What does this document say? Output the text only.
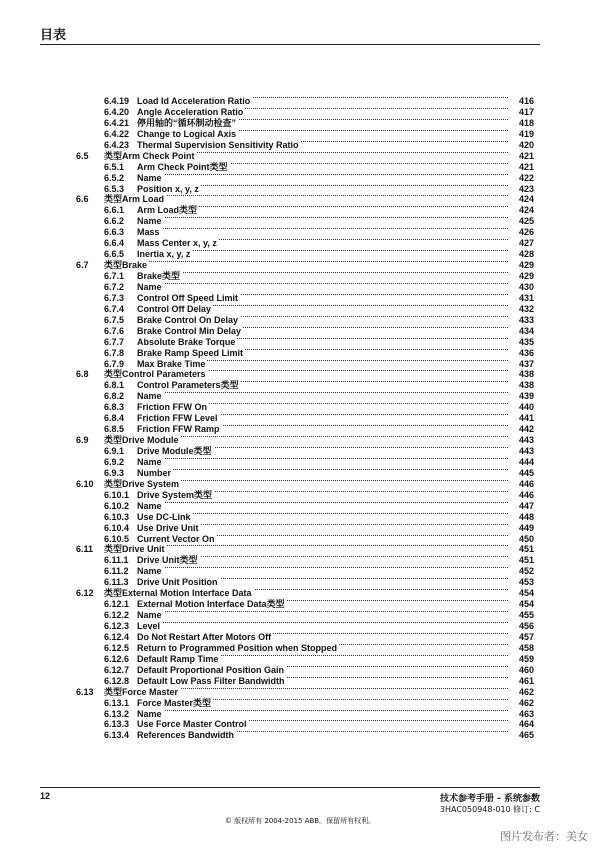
目表
6.4.19 Load Id Acceleration Ratio	416
6.4.20 Angle Acceleration Ratio	417
6.4.21 停用轴的“循环制动检查”	418
6.4.22 Change to Logical Axis	419
6.4.23 Thermal Supervision Sensitivity Ratio	420
6.5 类型Arm Check Point	421
6.5.1 Arm Check Point类型	421
6.5.2 Name	422
6.5.3 Position x, y, z	423
6.6 类型Arm Load	424
6.6.1 Arm Load类型	424
6.6.2 Name	425
6.6.3 Mass	426
6.6.4 Mass Center x, y, z	427
6.6.5 Inertia x, y, z	428
6.7 类型Brake	429
6.7.1 Brake类型	429
6.7.2 Name	430
6.7.3 Control Off Speed Limit	431
6.7.4 Control Off Delay	432
6.7.5 Brake Control On Delay	433
6.7.6 Brake Control Min Delay	434
6.7.7 Absolute Brake Torque	435
6.7.8 Brake Ramp Speed Limit	436
6.7.9 Max Brake Time	437
6.8 类型Control Parameters	438
6.8.1 Control Parameters类型	438
6.8.2 Name	439
6.8.3 Friction FFW On	440
6.8.4 Friction FFW Level	441
6.8.5 Friction FFW Ramp	442
6.9 类型Drive Module	443
6.9.1 Drive Module类型	443
6.9.2 Name	444
6.9.3 Number	445
6.10 类型Drive System	446
6.10.1 Drive System类型	446
6.10.2 Name	447
6.10.3 Use DC-Link	448
6.10.4 Use Drive Unit	449
6.10.5 Current Vector On	450
6.11 类型Drive Unit	451
6.11.1 Drive Unit类型	451
6.11.2 Name	452
6.11.3 Drive Unit Position	453
6.12 类型External Motion Interface Data	454
6.12.1 External Motion Interface Data类型	454
6.12.2 Name	455
6.12.3 Level	456
6.12.4 Do Not Restart After Motors Off	457
6.12.5 Return to Programmed Position when Stopped	458
6.12.6 Default Ramp Time	459
6.12.7 Default Proportional Position Gain	460
6.12.8 Default Low Pass Filter Bandwidth	461
6.13 类型Force Master	462
6.13.1 Force Master类型	462
6.13.2 Name	463
6.13.3 Use Force Master Control	464
6.13.4 References Bandwidth	465
12	技术参考手册 - 系统参数
3HAC050948-010 修订: C
© 版权所有 2004-2015 ABB。保留所有权利。
图片发布者：美女
